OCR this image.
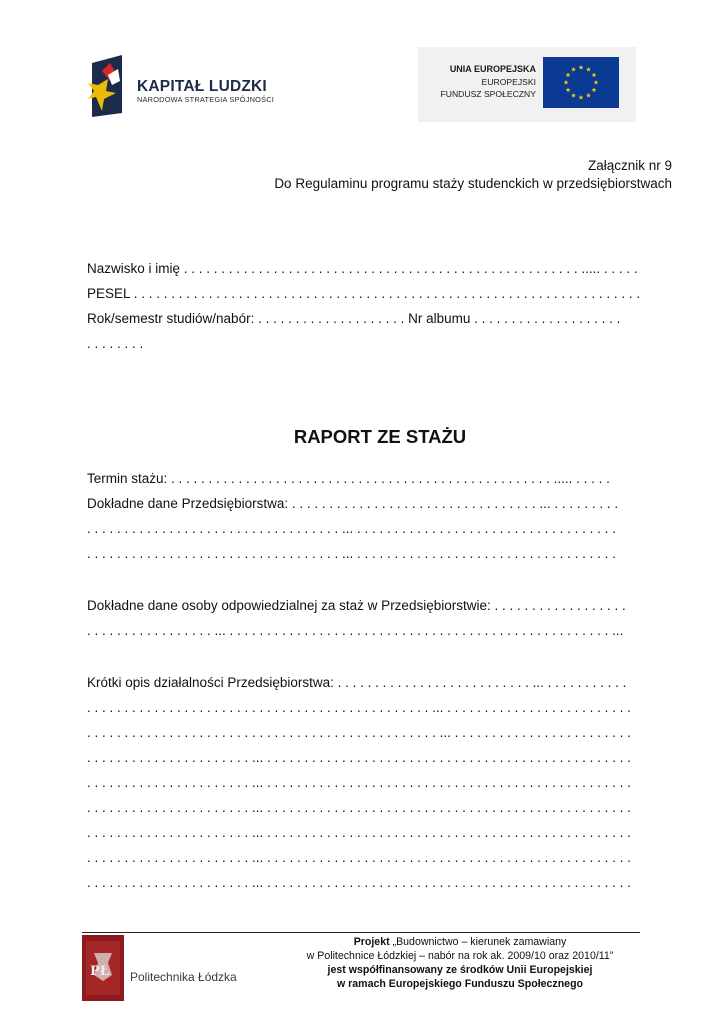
KAPITAŁ LUDZKI
NARODOWA STRATEGIA SPÓJNOŚCI
UNIA EUROPEJSKA
EUROPEJSKI
FUNDUSZ SPOŁECZNY
Załącznik nr 9
Do Regulaminu programu staży studenckich w przedsiębiorstwach
Nazwisko i imię . . . . . . . . . . . . . . . . . . . . . . . . . . . . . . . . . . . . . . . . . . . . . . . . . . . . . ..... . . . . .
PESEL . . . . . . . . . . . . . . . . . . . . . . . . . . . . . . . . . . . . . . . . . . . . . . . . . . . . . . . . . . . . . . . . . . . .
Rok/semestr studiów/nabór: . . . . . . . . . . . . . . . . . . . . Nr albumu . . . . . . . . . . . . . . . . . . . .
. . . . . . . .
RAPORT ZE STAŻU
Termin stażu: . . . . . . . . . . . . . . . . . . . . . . . . . . . . . . . . . . . . . . . . . . . . . . . . . . . ..... . . . . .
Dokładne dane Przedsiębiorstwa: . . . . . . . . . . . . . . . . . . . . . . . . . . . . . . . . . ... . . . . . . . . .
. . . . . . . . . . . . . . . . . . . . . . . . . . . . . . . . . . ... . . . . . . . . . . . . . . . . . . . . . . . . . . . . . . . . . . .
. . . . . . . . . . . . . . . . . . . . . . . . . . . . . . . . . . ... . . . . . . . . . . . . . . . . . . . . . . . . . . . . . . . . . . .
Dokładne dane osoby odpowiedzialnej za staż w Przedsiębiorstwie: . . . . . . . . . . . . . . . . . .
. . . . . . . . . . . . . . . . . ... . . . . . . . . . . . . . . . . . . . . . . . . . . . . . . . . . . . . . . . . . . . . . . . . . . . ...
Krótki opis działalności Przedsiębiorstwa: . . . . . . . . . . . . . . . . . . . . . . . . . . ... . . . . . . . . . . .
. . . . . . . . . . . . . . . . . . . . . . . . . . . . . . . . . . . . . . . . . . . . . . ... . . . . . . . . . . . . . . . . . . . . . . . . .
. . . . . . . . . . . . . . . . . . . . . . . . . . . . . . . . . . . . . . . . . . . . . . . ... . . . . . . . . . . . . . . . . . . . . . . . .
. . . . . . . . . . . . . . . . . . . . . . ... . . . . . . . . . . . . . . . . . . . . . . . . . . . . . . . . . . . . . . . . . . . . . . . . .
. . . . . . . . . . . . . . . . . . . . . . ... . . . . . . . . . . . . . . . . . . . . . . . . . . . . . . . . . . . . . . . . . . . . . . . . .
. . . . . . . . . . . . . . . . . . . . . . ... . . . . . . . . . . . . . . . . . . . . . . . . . . . . . . . . . . . . . . . . . . . . . . . . .
. . . . . . . . . . . . . . . . . . . . . . ... . . . . . . . . . . . . . . . . . . . . . . . . . . . . . . . . . . . . . . . . . . . . . . . . .
. . . . . . . . . . . . . . . . . . . . . . ... . . . . . . . . . . . . . . . . . . . . . . . . . . . . . . . . . . . . . . . . . . . . . . . . .
. . . . . . . . . . . . . . . . . . . . . . ... . . . . . . . . . . . . . . . . . . . . . . . . . . . . . . . . . . . . . . . . . . . . . . . . .
PŁ Politechnika Łódzka
Projekt „Budownictwo – kierunek zamawiany
w Politechnice Łódzkiej – nabór na rok ak. 2009/10 oraz 2010/11”
jest współfinansowany ze środków Unii Europejskiej
w ramach Europejskiego Funduszu Społecznego
